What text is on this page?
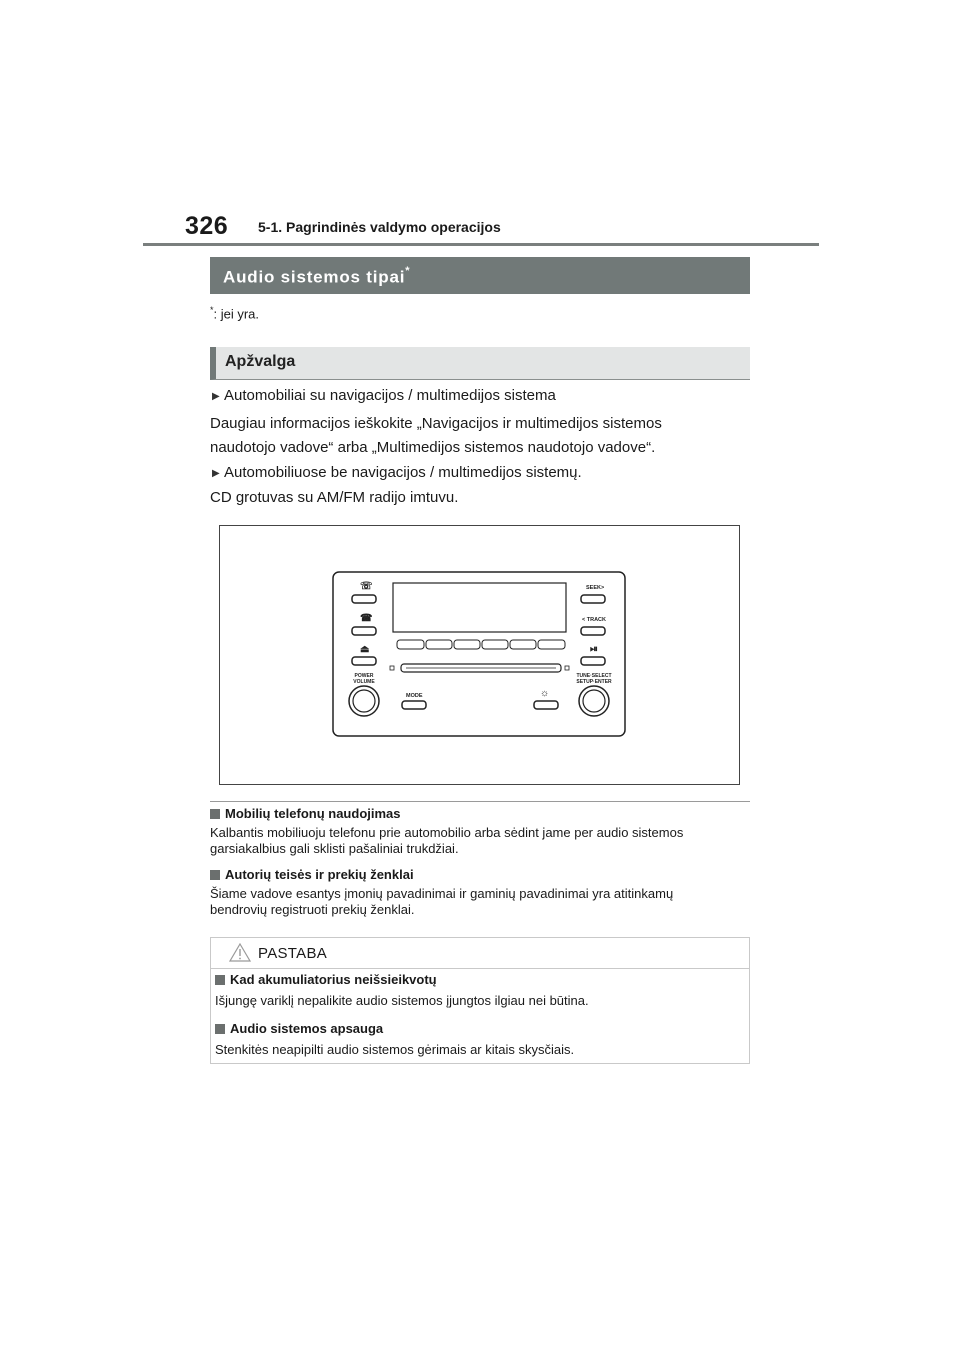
326 5-1. Pagrindinės valdymo operacijos
Audio sistemos tipai*
*: jei yra.
Apžvalga
▶ Automobiliai su navigacijos / multimedijos sistema
Daugiau informacijos ieškokite „Navigacijos ir multimedijos sistemos
naudotojo vadove“ arba „Multimedijos sistemos naudotojo vadove“.
▶ Automobiliuose be navigacijos / multimedijos sistemų.
CD grotuvas su AM/FM radijo imtuvu.
☏
☎
⏏
POWER
VOLUME
SEEK>
< TRACK
⏯
TUNE·SELECT
SETUP·ENTER
MODE	☼
Mobilių telefonų naudojimas
Kalbantis mobiliuoju telefonu prie automobilio arba sėdint jame per audio sistemos
garsiakalbius gali sklisti pašaliniai trukdžiai.
Autorių teisės ir prekių ženklai
Šiame vadove esantys įmonių pavadinimai ir gaminių pavadinimai yra atitinkamų
bendrovių registruoti prekių ženklai.
PASTABA
Kad akumuliatorius neišsieikvotų
Išjungę variklį nepalikite audio sistemos įjungtos ilgiau nei būtina.
Audio sistemos apsauga
Stenkitės neapipilti audio sistemos gėrimais ar kitais skysčiais.
